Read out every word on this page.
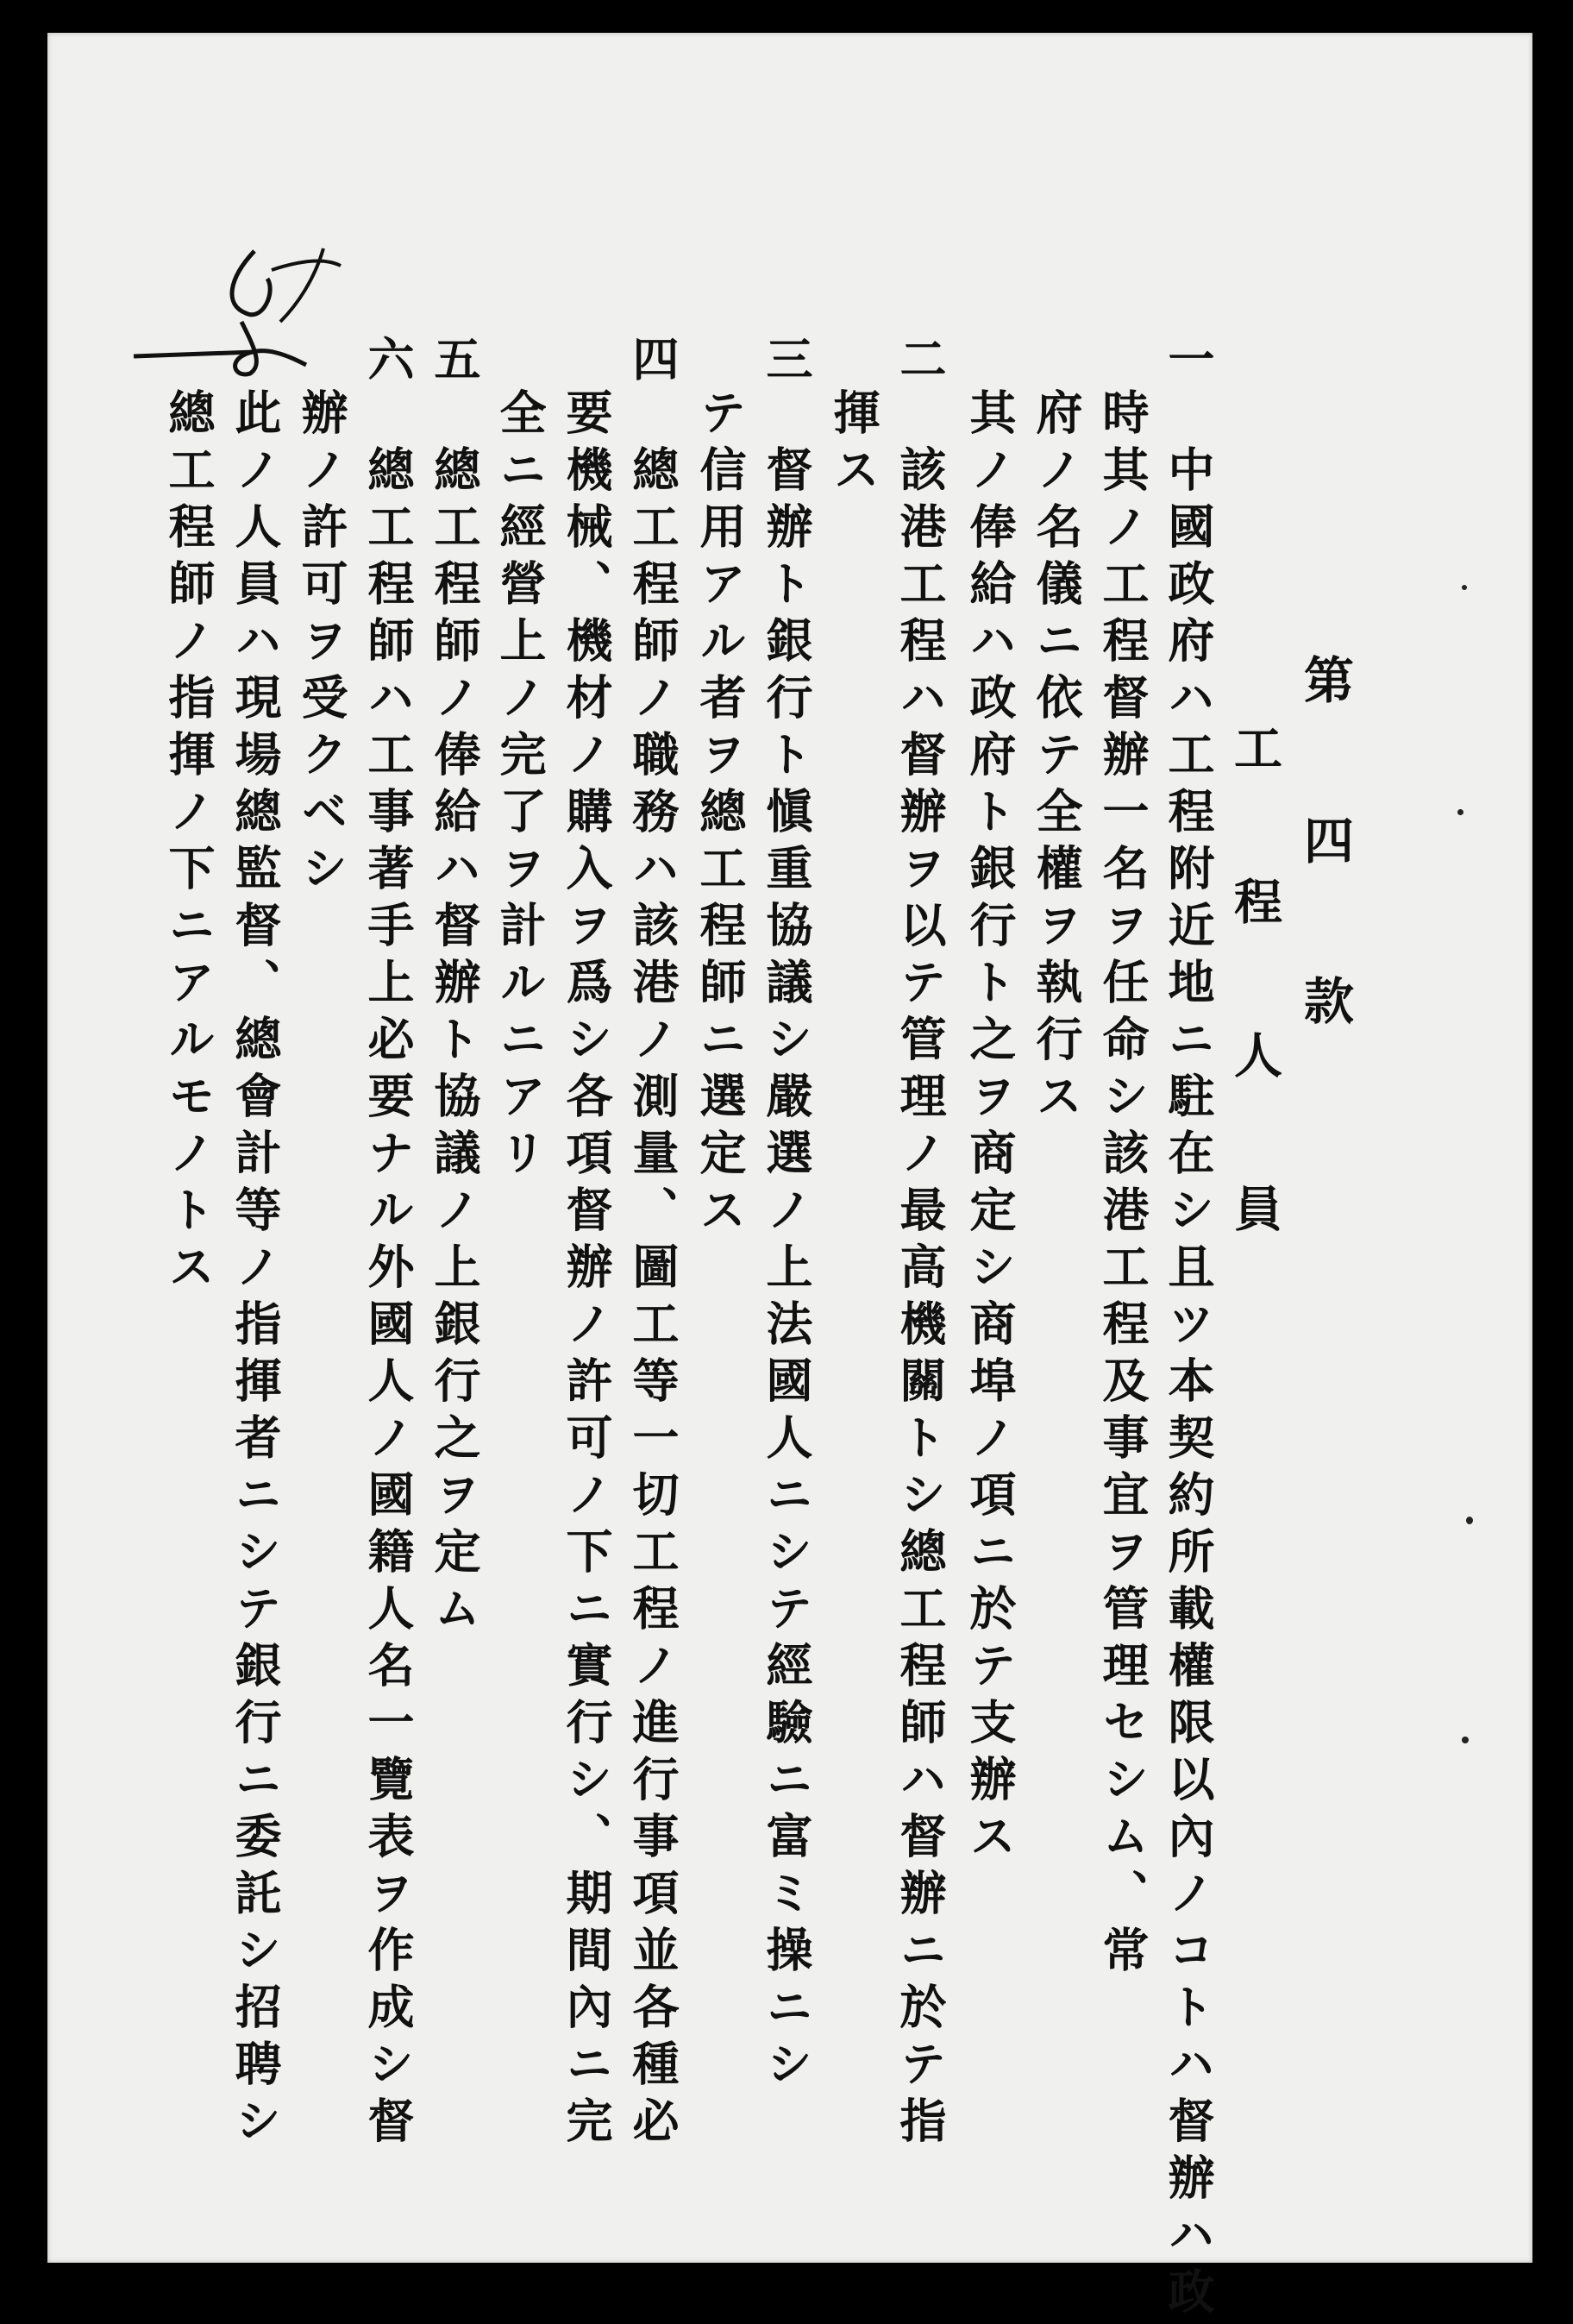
第 四 款
工 程 人 員
一
二
三
四
五
六
中國政府ハ工程附近地ニ駐在シ且ツ本契約所載權限以內ノコトハ督辦ハ政
時其ノ工程督辦一名ヲ任命シ該港工程及事宜ヲ管理セシム、常
府ノ名儀ニ依テ全權ヲ執行ス
其ノ俸給ハ政府ト銀行ト之ヲ商定シ商埠ノ項ニ於テ支辦ス
該港工程ハ督辦ヲ以テ管理ノ最高機關トシ總工程師ハ督辦ニ於テ指
揮ス
督辦ト銀行ト愼重協議シ嚴選ノ上法國人ニシテ經驗ニ富ミ操ニシ
テ信用アル者ヲ總工程師ニ選定ス
總工程師ノ職務ハ該港ノ測量、圖工等一切工程ノ進行事項並各種必
要機械、機材ノ購入ヲ爲シ各項督辦ノ許可ノ下ニ實行シ、期間內ニ完
全ニ經營上ノ完了ヲ計ルニアリ
總工程師ノ俸給ハ督辦ト協議ノ上銀行之ヲ定ム
總工程師ハ工事著手上必要ナル外國人ノ國籍人名一覽表ヲ作成シ督
辦ノ許可ヲ受クベシ
此ノ人員ハ現場總監督、總會計等ノ指揮者ニシテ銀行ニ委託シ招聘シ
總工程師ノ指揮ノ下ニアルモノトス
